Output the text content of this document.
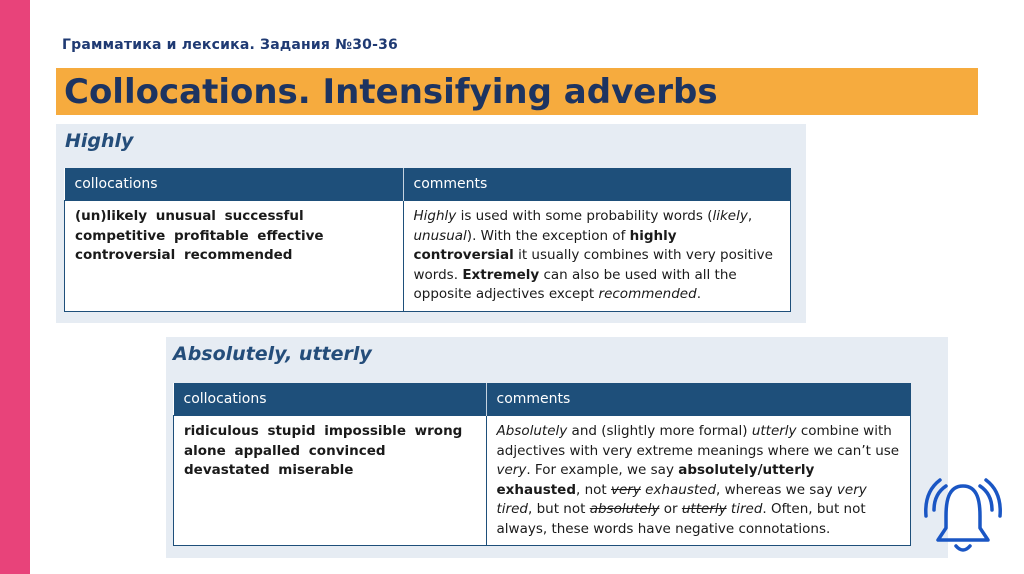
Грамматика и лексика. Задания №30-36
Collocations. Intensifying adverbs
Highly
collocations	comments
(un)likely unusual successful competitive profitable effective controversial recommended	Highly is used with some probability words (likely, unusual). With the exception of highly controversial it usually combines with very positive words. Extremely can also be used with all the opposite adjectives except recommended.
Absolutely, utterly
collocations	comments
ridiculous stupid impossible wrong alone appalled convinced devastated miserable	Absolutely and (slightly more formal) utterly combine with adjectives with very extreme meanings where we can’t use very. For example, we say absolutely/utterly exhausted, not very exhausted, whereas we say very tired, but not absolutely or utterly tired. Often, but not always, these words have negative connotations.
